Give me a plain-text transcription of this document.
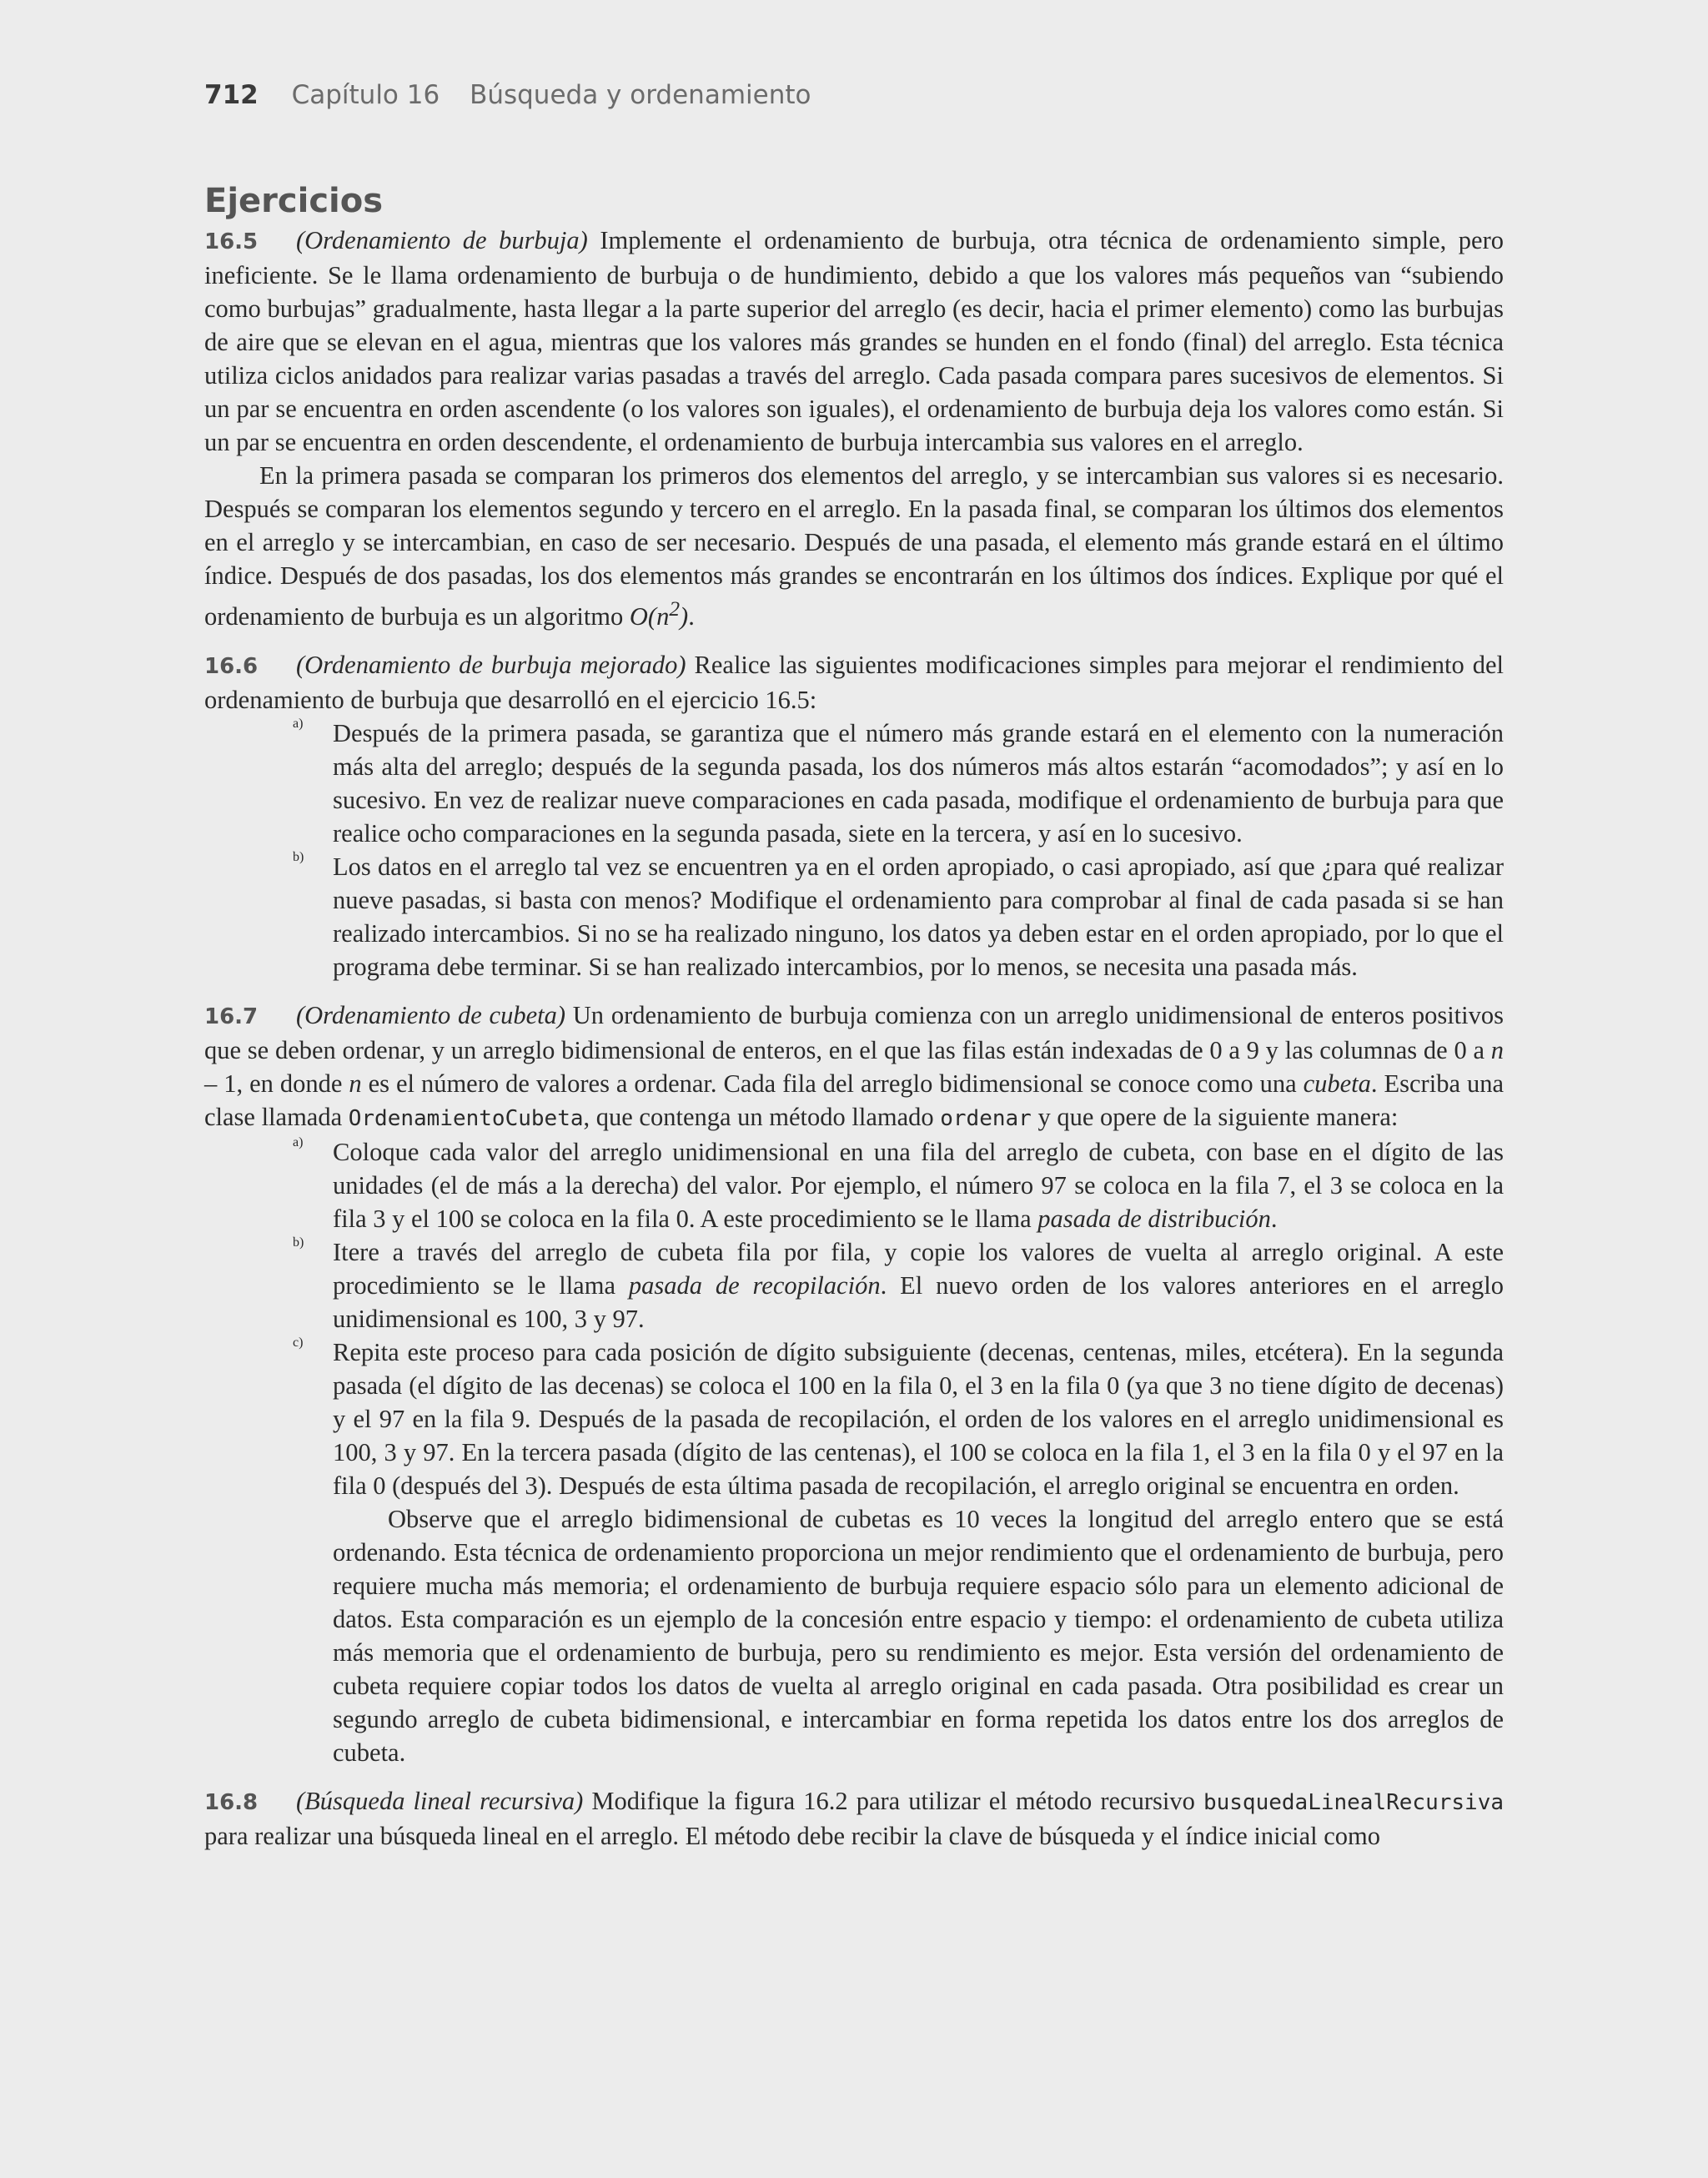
712 Capítulo 16 Búsqueda y ordenamiento
Ejercicios

16.5 (Ordenamiento de burbuja) Implemente el ordenamiento de burbuja, otra técnica de ordenamiento simple, pero ineficiente. Se le llama ordenamiento de burbuja o de hundimiento, debido a que los valores más pequeños van “subiendo como burbujas” gradualmente, hasta llegar a la parte superior del arreglo (es decir, hacia el primer elemento) como las burbujas de aire que se elevan en el agua, mientras que los valores más grandes se hunden en el fondo (final) del arreglo. Esta técnica utiliza ciclos anidados para realizar varias pasadas a través del arreglo. Cada pasada compara pares sucesivos de elementos. Si un par se encuentra en orden ascendente (o los valores son iguales), el ordenamiento de burbuja deja los valores como están. Si un par se encuentra en orden descendente, el ordenamiento de burbuja intercambia sus valores en el arreglo.

En la primera pasada se comparan los primeros dos elementos del arreglo, y se intercambian sus valores si es necesario. Después se comparan los elementos segundo y tercero en el arreglo. En la pasada final, se comparan los últimos dos elementos en el arreglo y se intercambian, en caso de ser necesario. Después de una pasada, el elemento más grande estará en el último índice. Después de dos pasadas, los dos elementos más grandes se encontrarán en los últimos dos índices. Explique por qué el ordenamiento de burbuja es un algoritmo $O(n^2)$.

16.6 (Ordenamiento de burbuja mejorado) Realice las siguientes modificaciones simples para mejorar el rendimiento del ordenamiento de burbuja que desarrolló en el ejercicio 16.5:

a) Después de la primera pasada, se garantiza que el número más grande estará en el elemento con la numeración más alta del arreglo; después de la segunda pasada, los dos números más altos estarán “acomodados”; y así en lo sucesivo. En vez de realizar nueve comparaciones en cada pasada, modifique el ordenamiento de burbuja para que realice ocho comparaciones en la segunda pasada, siete en la tercera, y así en lo sucesivo.

b) Los datos en el arreglo tal vez se encuentren ya en el orden apropiado, o casi apropiado, así que ¿para qué realizar nueve pasadas, si basta con menos? Modifique el ordenamiento para comprobar al final de cada pasada si se han realizado intercambios. Si no se ha realizado ninguno, los datos ya deben estar en el orden apropiado, por lo que el programa debe terminar. Si se han realizado intercambios, por lo menos, se necesita una pasada más.

16.7 (Ordenamiento de cubeta) Un ordenamiento de burbuja comienza con un arreglo unidimensional de enteros positivos que se deben ordenar, y un arreglo bidimensional de enteros, en el que las filas están indexadas de 0 a 9 y las columnas de 0 a n – 1, en donde n es el número de valores a ordenar. Cada fila del arreglo bidimensional se conoce como una cubeta. Escriba una clase llamada OrdenamientoCubeta, que contenga un método llamado ordenar y que opere de la siguiente manera:

a) Coloque cada valor del arreglo unidimensional en una fila del arreglo de cubeta, con base en el dígito de las unidades (el de más a la derecha) del valor. Por ejemplo, el número 97 se coloca en la fila 7, el 3 se coloca en la fila 3 y el 100 se coloca en la fila 0. A este procedimiento se le llama pasada de distribución.

b) Itere a través del arreglo de cubeta fila por fila, y copie los valores de vuelta al arreglo original. A este procedimiento se le llama pasada de recopilación. El nuevo orden de los valores anteriores en el arreglo unidimensional es 100, 3 y 97.

c) Repita este proceso para cada posición de dígito subsiguiente (decenas, centenas, miles, etcétera). En la segunda pasada (el dígito de las decenas) se coloca el 100 en la fila 0, el 3 en la fila 0 (ya que 3 no tiene dígito de decenas) y el 97 en la fila 9. Después de la pasada de recopilación, el orden de los valores en el arreglo unidimensional es 100, 3 y 97. En la tercera pasada (dígito de las centenas), el 100 se coloca en la fila 1, el 3 en la fila 0 y el 97 en la fila 0 (después del 3). Después de esta última pasada de recopilación, el arreglo original se encuentra en orden.

Observe que el arreglo bidimensional de cubetas es 10 veces la longitud del arreglo entero que se está ordenando. Esta técnica de ordenamiento proporciona un mejor rendimiento que el ordenamiento de burbuja, pero requiere mucha más memoria; el ordenamiento de burbuja requiere espacio sólo para un elemento adicional de datos. Esta comparación es un ejemplo de la concesión entre espacio y tiempo: el ordenamiento de cubeta utiliza más memoria que el ordenamiento de burbuja, pero su rendimiento es mejor. Esta versión del ordenamiento de cubeta requiere copiar todos los datos de vuelta al arreglo original en cada pasada. Otra posibilidad es crear un segundo arreglo de cubeta bidimensional, e intercambiar en forma repetida los datos entre los dos arreglos de cubeta.

16.8 (Búsqueda lineal recursiva) Modifique la figura 16.2 para utilizar el método recursivo busquedaLinealRecursiva para realizar una búsqueda lineal en el arreglo. El método debe recibir la clave de búsqueda y el índice inicial como
